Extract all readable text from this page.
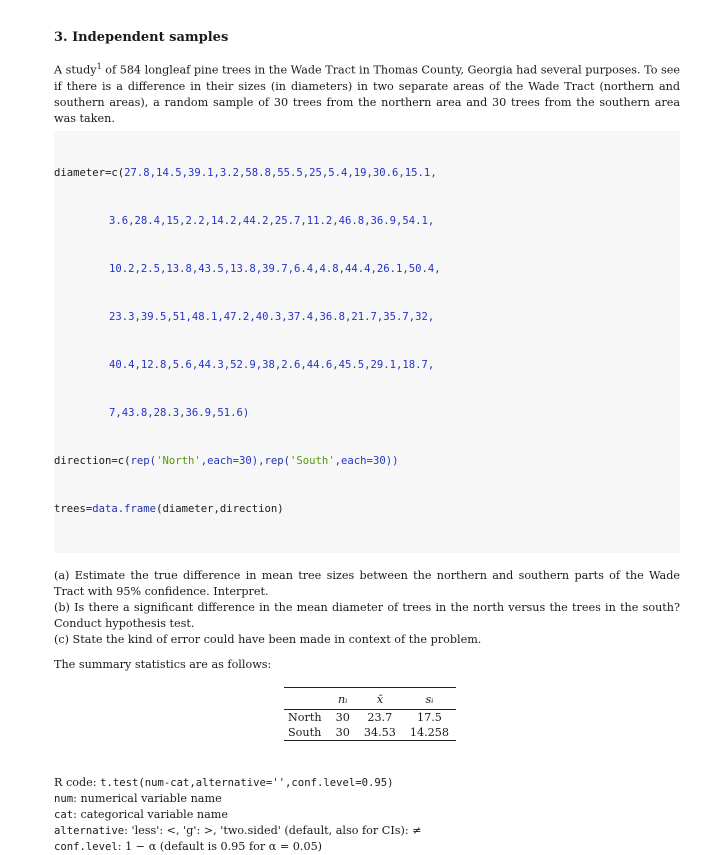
3. Independent samples

A study$^1$ of 584 longleaf pine trees in the Wade Tract in Thomas County, Georgia had several purposes. To see if there is a difference in their sizes (in diameters) in two separate areas of the Wade Tract (northern and southern areas), a random sample of 30 trees from the northern area and 30 trees from the southern area was taken.

diameter=c(27.8,14.5,39.1,3.2,58.8,55.5,25,5.4,19,30.6,15.1,

3.6,28.4,15,2.2,14.2,44.2,25.7,11.2,46.8,36.9,54.1,

10.2,2.5,13.8,43.5,13.8,39.7,6.4,4.8,44.4,26.1,50.4,

23.3,39.5,51,48.1,47.2,40.3,37.4,36.8,21.7,35.7,32,

40.4,12.8,5.6,44.3,52.9,38,2.6,44.6,45.5,29.1,18.7,

7,43.8,28.3,36.9,51.6)

direction=c(rep('North',each=30),rep('South',each=30))

trees=data.frame(diameter,direction)

(a) Estimate the true difference in mean tree sizes between the northern and southern parts of the Wade Tract with 95% confidence. Interpret.

(b) Is there a significant difference in the mean diameter of trees in the north versus the trees in the south? Conduct hypothesis test.

(c) State the kind of error could have been made in context of the problem.

The summary statistics are as follows:

	nᵢ	x̄	sᵢ
North	30	23.7	17.5
South	30	34.53	14.258

R code: t.test(num-cat,alternative='',conf.level=0.95)

num: numerical variable name

cat: categorical variable name

alternative: 'less': <, 'g': >, 'two.sided' (default, also for CIs): ≠

conf.level: 1 − α (default is 0.95 for α = 0.05)
